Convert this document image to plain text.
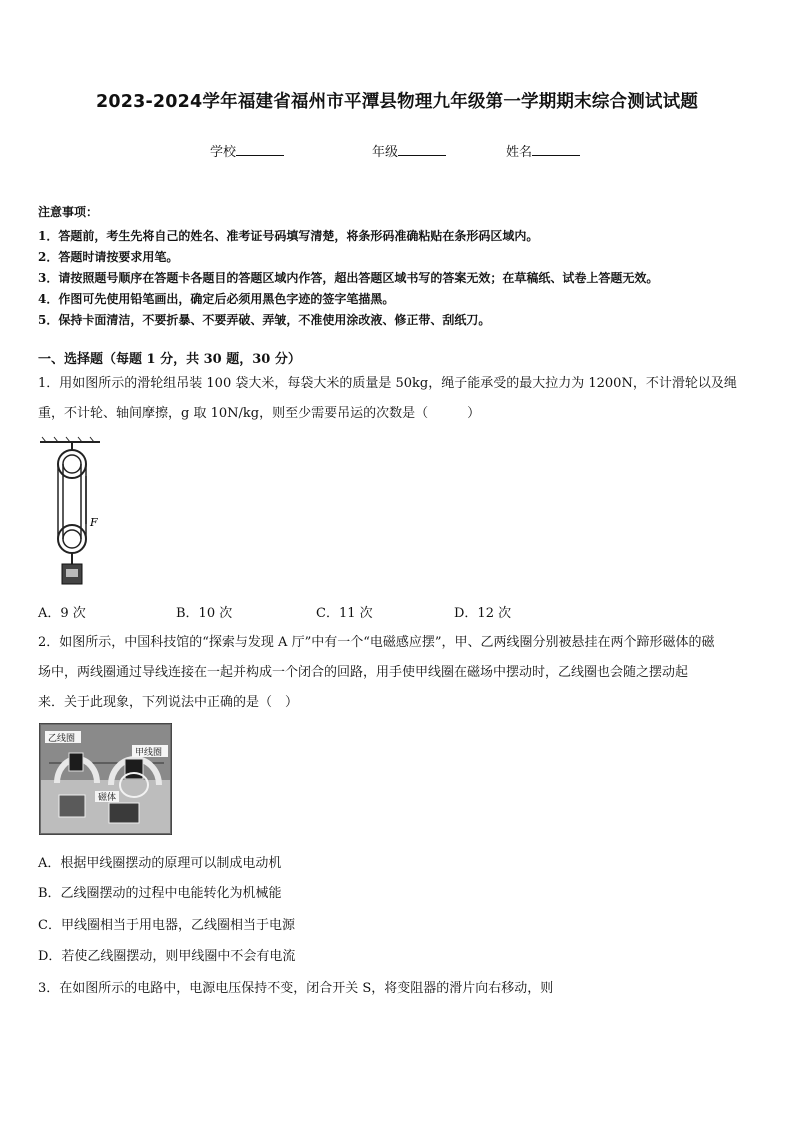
2023-2024学年福建省福州市平潭县物理九年级第一学期期末综合测试试题
学校	年级	姓名
注意事项：
1．答题前，考生先将自己的姓名、准考证号码填写清楚，将条形码准确粘贴在条形码区域内。
2．答题时请按要求用笔。
3．请按照题号顺序在答题卡各题目的答题区域内作答，超出答题区域书写的答案无效；在草稿纸、试卷上答题无效。
4．作图可先使用铅笔画出，确定后必须用黑色字迹的签字笔描黑。
5．保持卡面清洁，不要折暴、不要弄破、弄皱，不准使用涂改液、修正带、刮纸刀。
一、选择题（每题 1 分，共 30 题，30 分）
1．用如图所示的滑轮组吊装 100 袋大米，每袋大米的质量是 50kg，绳子能承受的最大拉力为 1200N，不计滑轮以及绳
重，不计轮、轴间摩擦，g 取 10N/kg，则至少需要吊运的次数是（　　　）
F
A．9 次	B．10 次	C．11 次	D．12 次
2．如图所示，中国科技馆的“探索与发现 A 厅”中有一个“电磁感应摆”，甲、乙两线圈分别被悬挂在两个蹄形磁体的磁
场中，两线圈通过导线连接在一起并构成一个闭合的回路，用手使甲线圈在磁场中摆动时，乙线圈也会随之摆动起
来．关于此现象，下列说法中正确的是（　）
乙线圈
甲线圈
磁体
A．根据甲线圈摆动的原理可以制成电动机
B．乙线圈摆动的过程中电能转化为机械能
C．甲线圈相当于用电器，乙线圈相当于电源
D．若使乙线圈摆动，则甲线圈中不会有电流
3．在如图所示的电路中，电源电压保持不变，闭合开关 S，将变阻器的滑片向右移动，则
